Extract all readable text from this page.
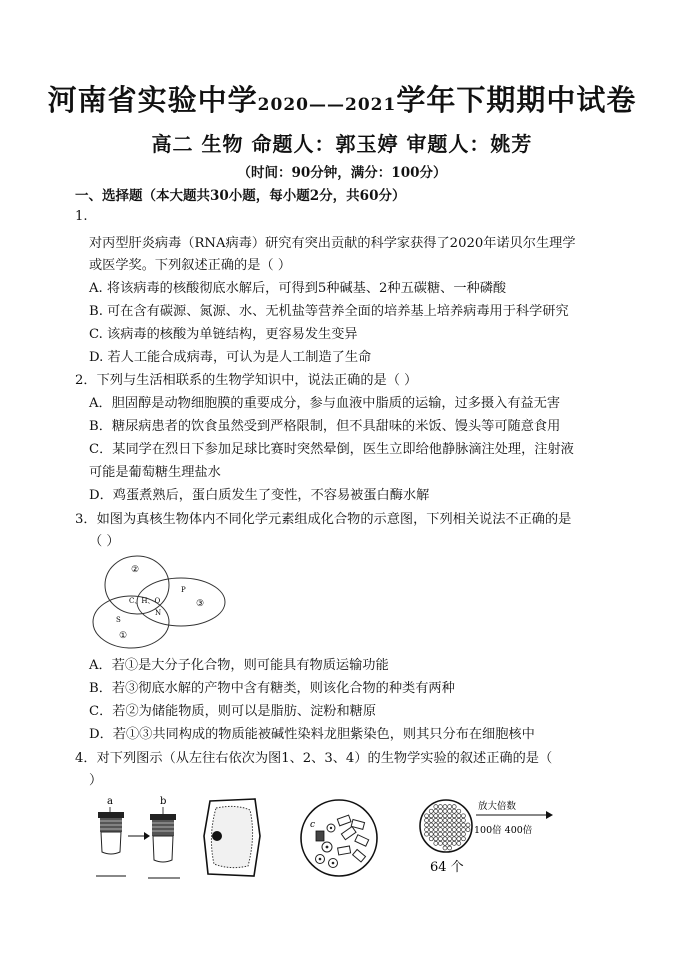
河南省实验中学2020——2021学年下期期中试卷
高二 生物 命题人：郭玉婷 审题人：姚芳
（时间：90分钟，满分：100分）
一、选择题（本大题共30小题，每小题2分，共60分）
1.
对丙型肝炎病毒（RNA病毒）研究有突出贡献的科学家获得了2020年诺贝尔生理学
或医学奖。下列叙述正确的是（ ）
A. 将该病毒的核酸彻底水解后，可得到5种碱基、2种五碳糖、一种磷酸
B. 可在含有碳源、氮源、水、无机盐等营养全面的培养基上培养病毒用于科学研究
C. 该病毒的核酸为单链结构，更容易发生变异
D. 若人工能合成病毒，可认为是人工制造了生命
2．下列与生活相联系的生物学知识中，说法正确的是（ ）
A．胆固醇是动物细胞膜的重要成分，参与血液中脂质的运输，过多摄入有益无害
B．糖尿病患者的饮食虽然受到严格限制，但不具甜味的米饭、馒头等可随意食用
C．某同学在烈日下参加足球比赛时突然晕倒，医生立即给他静脉滴注处理，注射液
可能是葡萄糖生理盐水
D．鸡蛋煮熟后，蛋白质发生了变性，不容易被蛋白酶水解
3．如图为真核生物体内不同化学元素组成化合物的示意图，下列相关说法不正确的是
（ ）
②
P
③
C、H、O
N
S
①
A．若①是大分子化合物，则可能具有物质运输功能
B．若③彻底水解的产物中含有糖类，则该化合物的种类有两种
C．若②为储能物质，则可以是脂肪、淀粉和糖原
D．若①③共同构成的物质能被碱性染料龙胆紫染色，则其只分布在细胞核中
4．对下列图示（从左往右依次为图1、2、3、4）的生物学实验的叙述正确的是（
）
a	b
c
放大倍数
100倍 400倍
64 个
